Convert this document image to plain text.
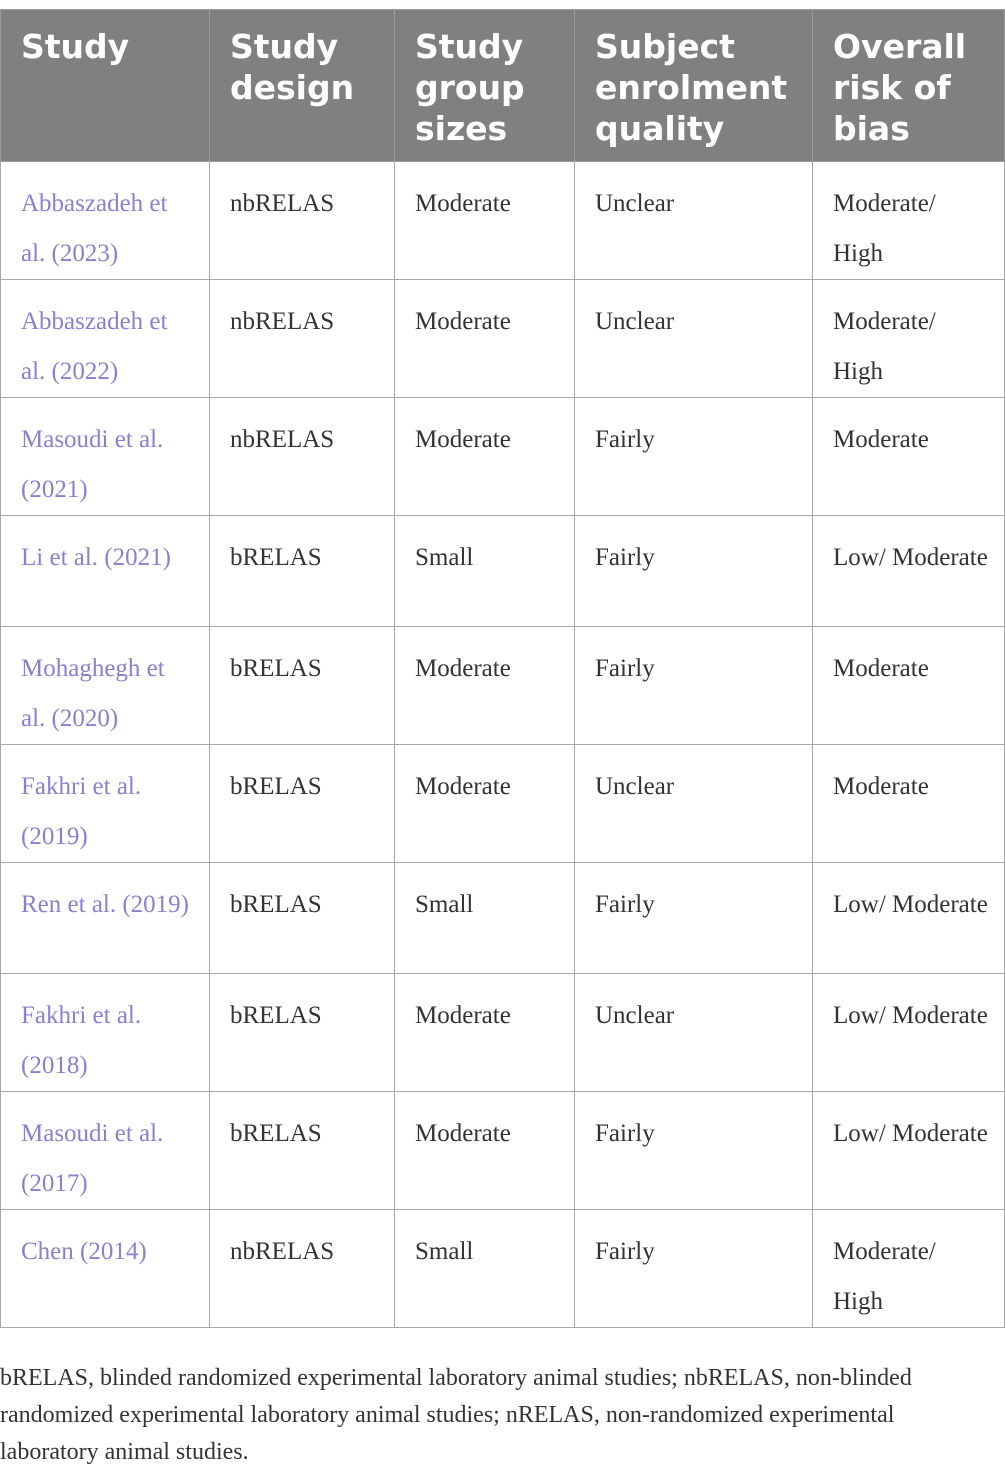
Study	Study design	Study group sizes	Subject enrolment quality	Overall risk of bias
Abbaszadeh et al. (2023)	nbRELAS	Moderate	Unclear	Moderate/ High
Abbaszadeh et al. (2022)	nbRELAS	Moderate	Unclear	Moderate/ High
Masoudi et al. (2021)	nbRELAS	Moderate	Fairly	Moderate
Li et al. (2021)	bRELAS	Small	Fairly	Low/ Moderate
Mohaghegh et al. (2020)	bRELAS	Moderate	Fairly	Moderate
Fakhri et al. (2019)	bRELAS	Moderate	Unclear	Moderate
Ren et al. (2019)	bRELAS	Small	Fairly	Low/ Moderate
Fakhri et al. (2018)	bRELAS	Moderate	Unclear	Low/ Moderate
Masoudi et al. (2017)	bRELAS	Moderate	Fairly	Low/ Moderate
Chen (2014)	nbRELAS	Small	Fairly	Moderate/ High

bRELAS, blinded randomized experimental laboratory animal studies; nbRELAS, non-blinded randomized experimental laboratory animal studies; nRELAS, non-randomized experimental laboratory animal studies.
